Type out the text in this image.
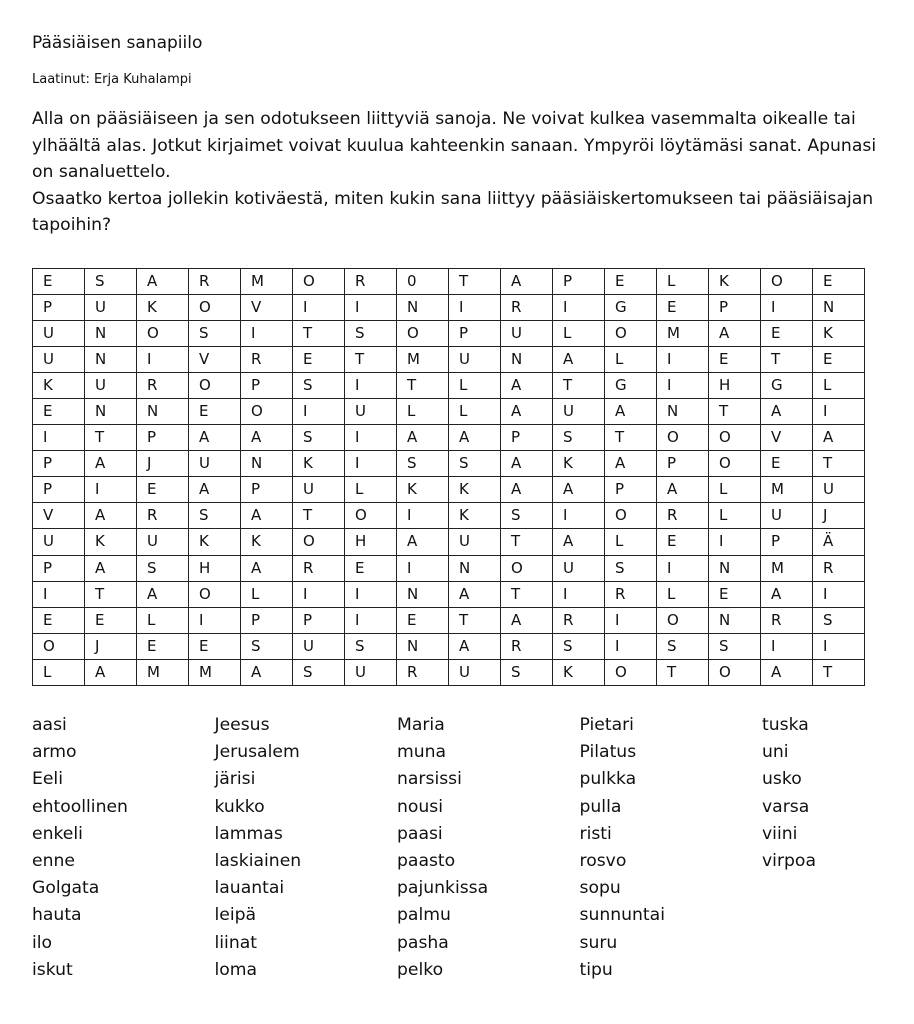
Pääsiäisen sanapiilo
Laatinut: Erja Kuhalampi

Alla on pääsiäiseen ja sen odotukseen liittyviä sanoja. Ne voivat kulkea vasemmalta oikealle tai ylhäältä alas. Jotkut kirjaimet voivat kuulua kahteenkin sanaan. Ympyröi löytämäsi sanat. Apunasi on sanaluettelo.

Osaatko kertoa jollekin kotiväestä, miten kukin sana liittyy pääsiäiskertomukseen tai pääsiäisajan tapoihin?

E	S	A	R	M	O	R	0	T	A	P	E	L	K	O	E
P	U	K	O	V	I	I	N	I	R	I	G	E	P	I	N
U	N	O	S	I	T	S	O	P	U	L	O	M	A	E	K
U	N	I	V	R	E	T	M	U	N	A	L	I	E	T	E
K	U	R	O	P	S	I	T	L	A	T	G	I	H	G	L
E	N	N	E	O	I	U	L	L	A	U	A	N	T	A	I
I	T	P	A	A	S	I	A	A	P	S	T	O	O	V	A
P	A	J	U	N	K	I	S	S	A	K	A	P	O	E	T
P	I	E	A	P	U	L	K	K	A	A	P	A	L	M	U
V	A	R	S	A	T	O	I	K	S	I	O	R	L	U	J
U	K	U	K	K	O	H	A	U	T	A	L	E	I	P	Ä
P	A	S	H	A	R	E	I	N	O	U	S	I	N	M	R
I	T	A	O	L	I	I	N	A	T	I	R	L	E	A	I
E	E	L	I	P	P	I	E	T	A	R	I	O	N	R	S
O	J	E	E	S	U	S	N	A	R	S	I	S	S	I	I
L	A	M	M	A	S	U	R	U	S	K	O	T	O	A	T
aasi
armo
Eeli
ehtoollinen
enkeli
enne
Golgata
hauta
ilo
iskut
Jeesus
Jerusalem
järisi
kukko
lammas
laskiainen
lauantai
leipä
liinat
loma
Maria
muna
narsissi
nousi
paasi
paasto
pajunkissa
palmu
pasha
pelko
Pietari
Pilatus
pulkka
pulla
risti
rosvo
sopu
sunnuntai
suru
tipu
tuska
uni
usko
varsa
viini
virpoa
